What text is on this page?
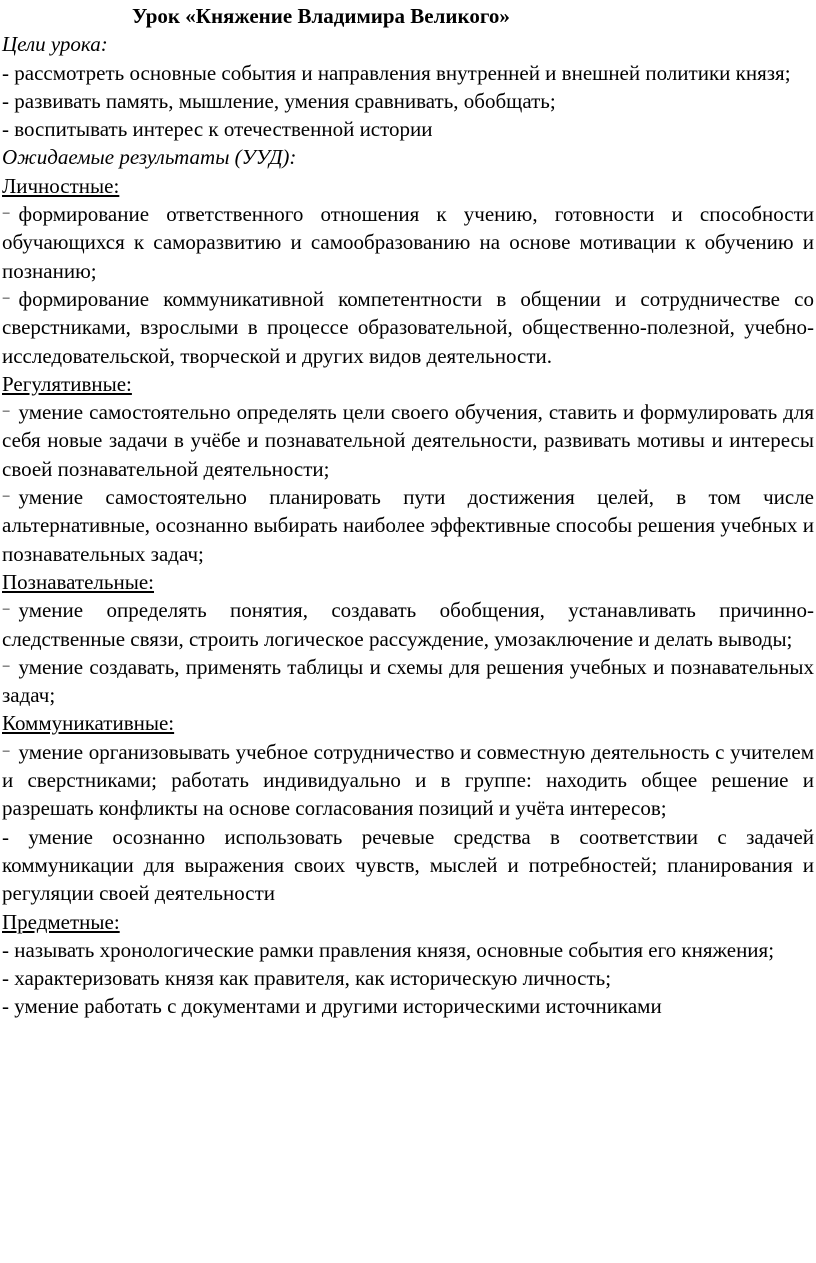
Урок «Княжение Владимира Великого»
Цели урока:

- рассмотреть основные события и направления внутренней и внешней политики князя;

- развивать память, мышление, умения сравнивать, обобщать;

- воспитывать интерес к отечественной истории

Ожидаемые результаты (УУД):
Личностные:

− формирование ответственного отношения к учению, готовности и способности обучающихся к саморазвитию и самообразованию на основе мотивации к обучению и познанию;

− формирование коммуникативной компетентности в общении и сотрудничестве со сверстниками, взрослыми в процессе образовательной, общественно-полезной, учебно-исследовательской, творческой и других видов деятельности.

Регулятивные:

− умение самостоятельно определять цели своего обучения, ставить и формулировать для себя новые задачи в учёбе и познавательной деятельности, развивать мотивы и интересы своей познавательной деятельности;

− умение самостоятельно планировать пути достижения целей, в том числе альтернативные, осознанно выбирать наиболее эффективные способы решения учебных и познавательных задач;

Познавательные:

− умение определять понятия, создавать обобщения, устанавливать причинно-следственные связи, строить логическое рассуждение, умозаключение и делать выводы;

− умение создавать, применять таблицы и схемы для решения учебных и познавательных задач;

Коммуникативные:

− умение организовывать учебное сотрудничество и совместную деятельность с учителем и сверстниками; работать индивидуально и в группе: находить общее решение и разрешать конфликты на основе согласования позиций и учёта интересов;

- умение осознанно использовать речевые средства в соответствии с задачей коммуникации для выражения своих чувств, мыслей и потребностей; планирования и регуляции своей деятельности

Предметные:

- называть хронологические рамки правления князя, основные события его княжения;

- характеризовать князя как правителя, как историческую личность;

- умение работать с документами и другими историческими источниками
